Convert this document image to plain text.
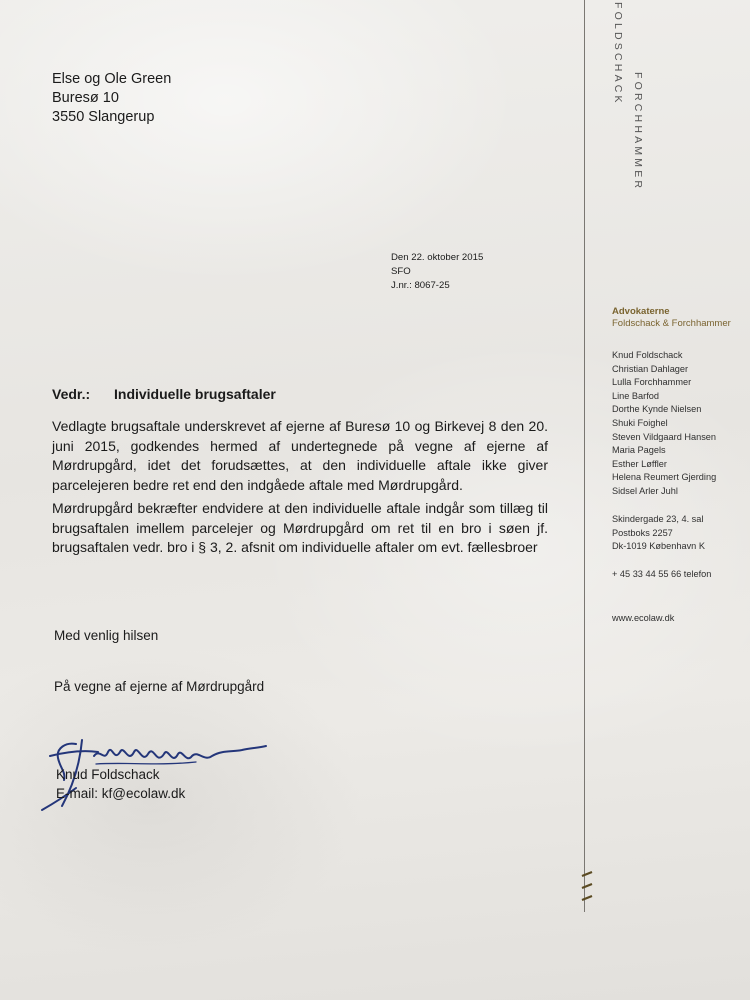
Else og Ole Green
Buresø 10
3550 Slangerup
Den 22. oktober 2015
SFO
J.nr.: 8067-25
Vedr.: Individuelle brugsaftaler
Vedlagte brugsaftale underskrevet af ejerne af Buresø 10 og Birkevej 8 den 20. juni 2015, godkendes hermed af undertegnede på vegne af ejerne af Mørdrupgård, idet det forudsættes, at den individuelle aftale ikke giver parcelejeren bedre ret end den indgåede aftale med Mørdrupgård.
Mørdrupgård bekræfter endvidere at den individuelle aftale indgår som tillæg til brugsaftalen imellem parcelejer og Mørdrupgård om ret til en bro i søen jf. brugsaftalen vedr. bro i § 3, 2. afsnit om individuelle aftaler om evt. fællesbroer
Med venlig hilsen
På vegne af ejerne af Mørdrupgård
Knud Foldschack
E-mail: kf@ecolaw.dk
FOLDSCHACK
FORCHHAMMER
Advokaterne
Foldschack & Forchhammer
Knud Foldschack
Christian Dahlager
Lulla Forchhammer
Line Barfod
Dorthe Kynde Nielsen
Shuki Foighel
Steven Vildgaard Hansen
Maria Pagels
Esther Løffler
Helena Reumert Gjerding
Sidsel Arler Juhl
Skindergade 23, 4. sal
Postboks 2257
Dk-1019 København K
+ 45 33 44 55 66 telefon
www.ecolaw.dk
